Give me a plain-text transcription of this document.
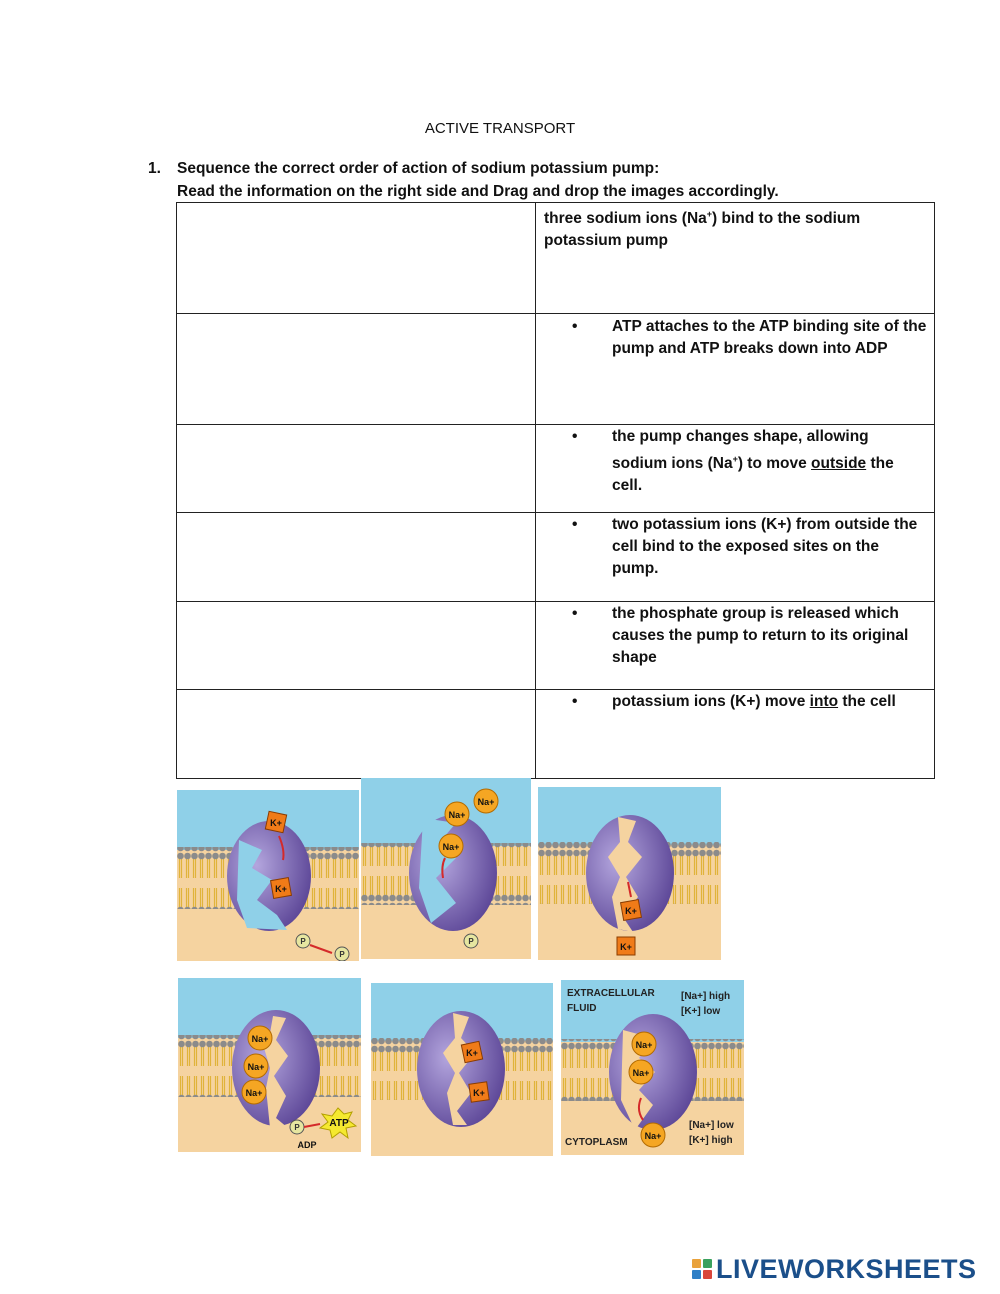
ACTIVE TRANSPORT
1. Sequence the correct order of action of sodium potassium pump:
Read the information on the right side and Drag and drop the images accordingly.

	three sodium ions (Na+) bind to the sodium potassium pump

	• ATP attaches to the ATP binding site of the pump and ATP breaks down into ADP

	• the pump changes shape, allowing sodium ions (Na+) to move outside the cell.

	• two potassium ions (K+) from outside the cell bind to the exposed sites on the pump.

	• the phosphate group is released which causes the pump to return to its original shape

	• potassium ions (K+) move into the cell
K+
K+
P
P
Na+
Na+
Na+
P
K+
K+
Na+
Na+
Na+
P	ATP
ADP
K+
K+
Na+
Na+
Na+
EXTRACELLULAR
FLUID
[Na+] high
[K+] low
[Na+] low
[K+] high
CYTOPLASM
LIVEWORKSHEETS
